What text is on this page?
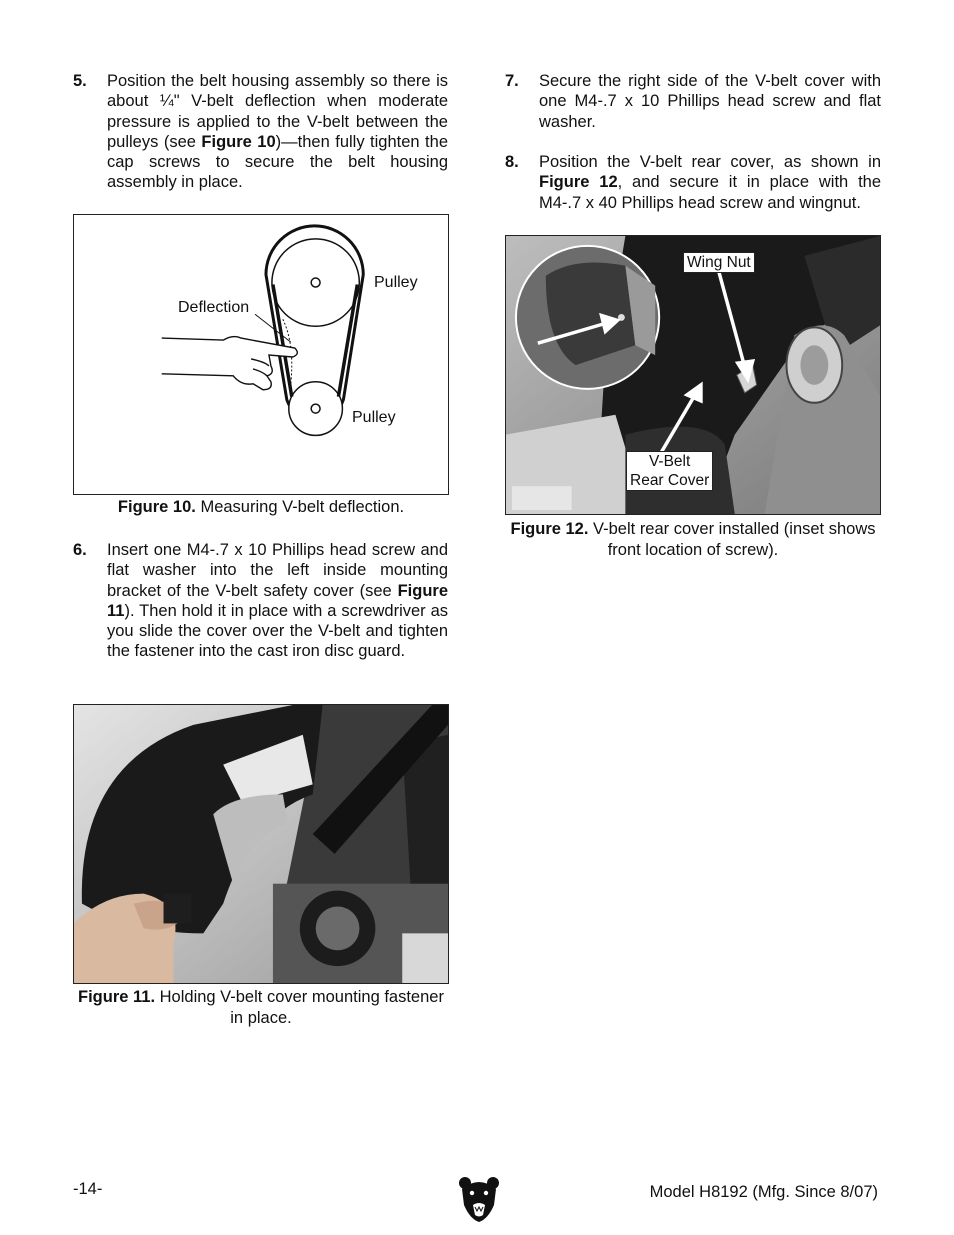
5. Position the belt housing assembly so there is about ¼" V-belt deflection when moderate pressure is applied to the V-belt between the pulleys (see Figure 10)—then fully tighten the cap screws to secure the belt housing assembly in place.
Deflection
Pulley
Pulley
Figure 10. Measuring V-belt deflection.
6. Insert one M4-.7 x 10 Phillips head screw and flat washer into the left inside mounting bracket of the V-belt safety cover (see Figure 11). Then hold it in place with a screwdriver as you slide the cover over the V-belt and tighten the fastener into the cast iron disc guard.
Figure 11. Holding V-belt cover mounting fastener in place.
7. Secure the right side of the V-belt cover with one M4-.7 x 10 Phillips head screw and flat washer.
8. Position the V-belt rear cover, as shown in Figure 12, and secure it in place with the M4-.7 x 40 Phillips head screw and wingnut.
Wing Nut
V-Belt
Rear Cover
Figure 12. V-belt rear cover installed (inset shows front location of screw).
-14-	Model H8192 (Mfg. Since 8/07)
